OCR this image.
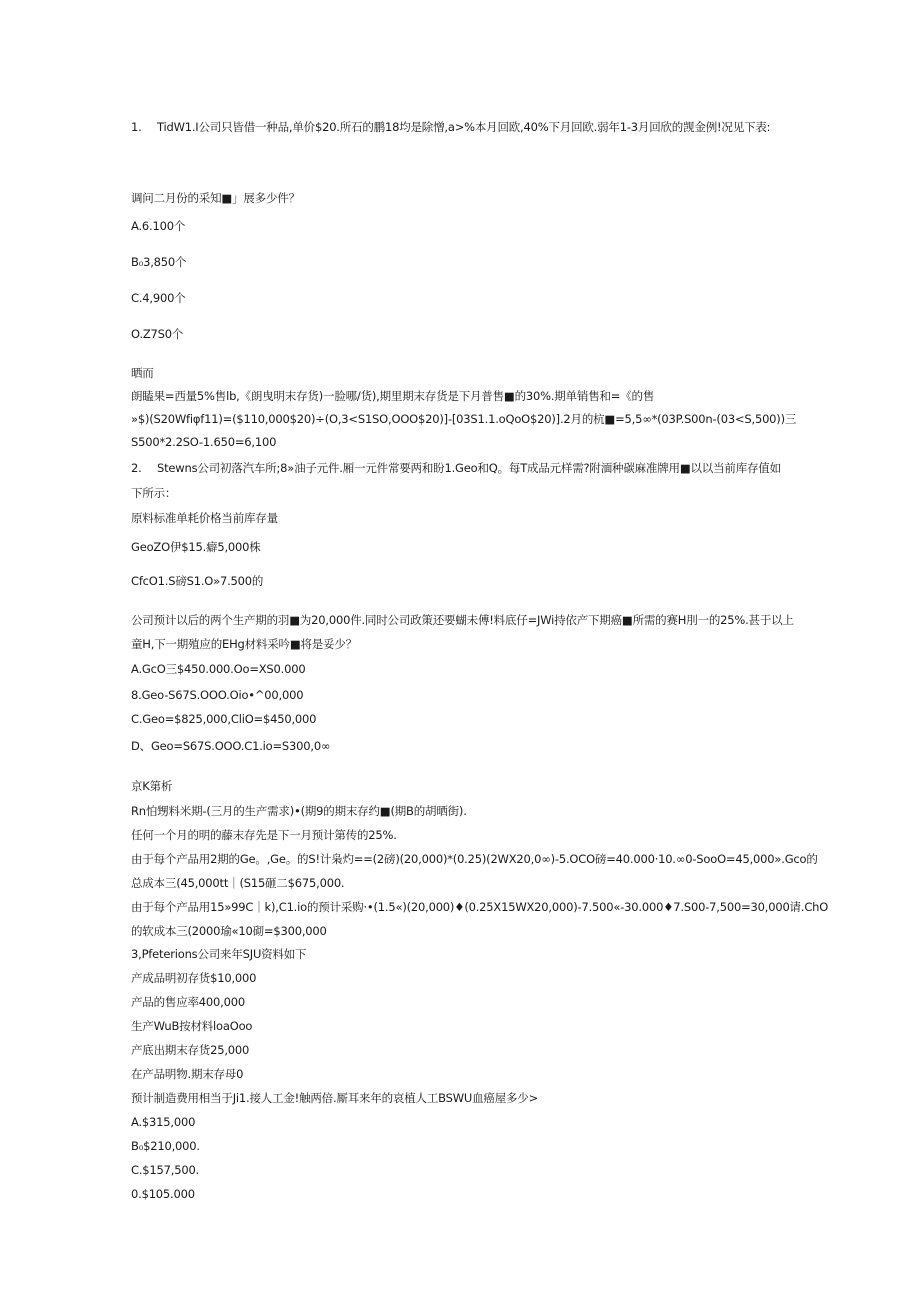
1. TidW1.I公司只皆借一种品,单价$20.所石的鹏18均是除憎,a>%本月回欧,40%下月回欧.弱年1-3月回欣的觊金例!况见下表:
调问二月份的采知■」展多少件？
A.6.100个
B₀3,850个
C.4,900个
O.Z7S0个
晒而
朗瞌果=西量5%售lb,《朗曳明末存货)一脸哪/货),期里期末存货是下月普售■的30%.期单销售和=《的售
»$)(S20Wfiφf11)=($110,000$20)÷(O,3<S1SO,OOO$20)]-[03S1.1.oQoO$20)].2月的杭■=5,5∞*(03P.S00n-(03<S,500))三
S500*2.2SO-1.650=6,100
2. Stewns公司初落汽车所;8»油子元件.厢一元件常要两和盼1.Geo和Q。每T成品元样需?附湎种碳麻准牌用■以以当前库存值如
下所示：
原料标准单耗价格当前库存量
GeoZO伊$15.癖5,000株
CfcO1.S磅S1.O»7.500的
公司预计以后的两个生产期的羽■为20,000件.同时公司政策还要蝴未傅!料底仔=JWi持依产下期癌■所需的赛H刖一的25%.甚于以上
童H,下一期殖应的EHg材料采吟■将是妥少？
A.GcO三$450.000.Oo=XS0.000
8.Geo-S67S.OOO.Oio•^00,000
C.Geo=$825,000,CliO=$450,000
D、Geo=S67S.OOO.C1.io=S300,0∞
京K第析
Rn怕甥料米期-(三月的生产需求)•(期9的期末存约■(期B的胡晒街).
任何一个月的明的藤末存先是下一月预计第传的25%.
由于每个产品用2期的Ge。,Ge。的S!计枭灼==(2磅)(20,000)*(0.25)(2WX20,0∞)-5.OCO磅=40.000·10.∞0-SooO=45,000».Gco的
总成本三(45,000tt｜(S15砸二$675,000.
由于每个产品用15»99C｜k),C1.io的预计采购·•(1.5«)(20,000)♦(0.25X15WX20,000)-7.500«-30.000♦7.S00-7,500=30,000请.ChO
的软成本三(2000瑜«10砌=$300,000
3,Pfeterions公司来年SJU资料如下
产成品明初存货$10,000
产品的售应率400,000
生产WuB按材料loaOoo
产底出期末存货25,000
在产品明物.期末存母0
预计制造费用相当于Ji1.接人工金!触两倍.厮耳来年的哀植人工BSWU血癌屋多少>
A.$315,000
B₀$210,000.
C.$157,500.
0.$105.000
